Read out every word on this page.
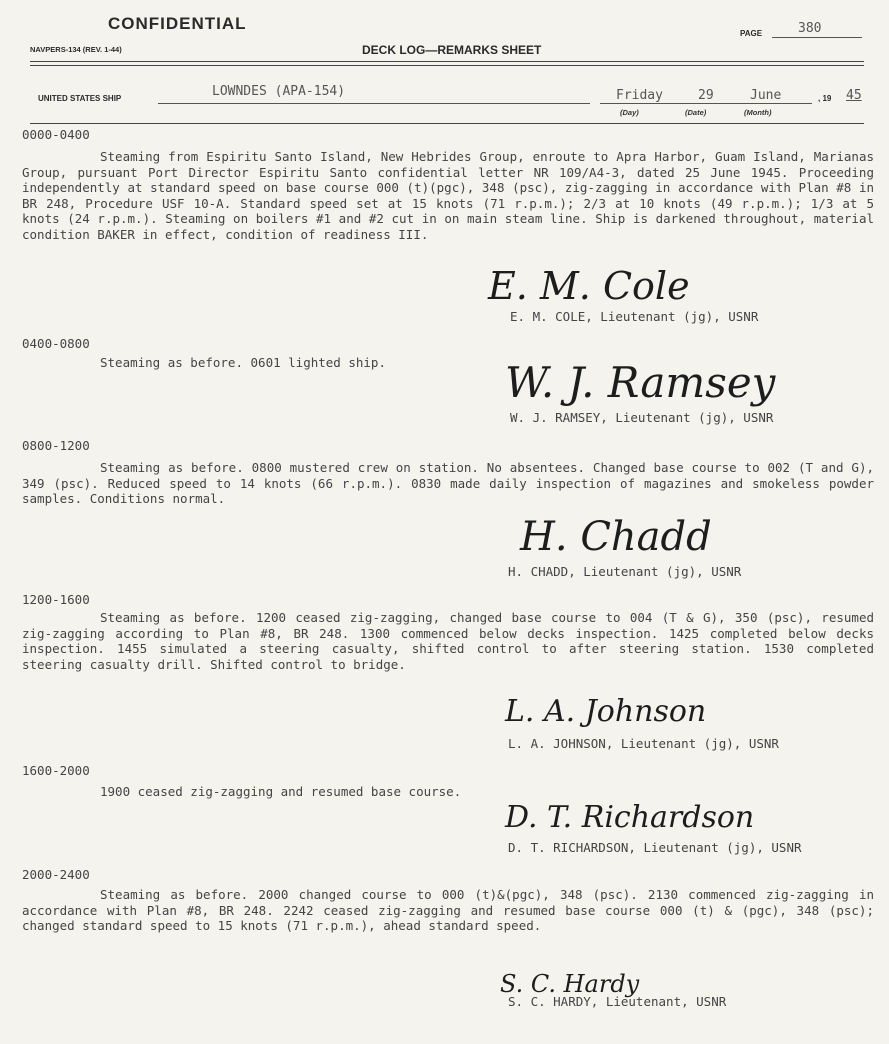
CONFIDENTIAL
NAVPERS-134 (REV. 1-44)	DECK LOG—REMARKS SHEET
PAGE	380
UNITED STATES SHIP	LOWNDES (APA-154)	Friday	29	June
(Day)	(Date)	(Month)
, 19 45
0000-0400
Steaming from Espiritu Santo Island, New Hebrides Group, enroute to Apra Harbor, Guam Island, Marianas Group, pursuant Port Director Espiritu Santo confidential letter NR 109/A4-3, dated 25 June 1945. Proceeding independently at standard speed on base course 000 (t)(pgc), 348 (psc), zig-zagging in accordance with Plan #8 in BR 248, Procedure USF 10-A. Standard speed set at 15 knots (71 r.p.m.); 2/3 at 10 knots (49 r.p.m.); 1/3 at 5 knots (24 r.p.m.). Steaming on boilers #1 and #2 cut in on main steam line. Ship is darkened throughout, material condition BAKER in effect, condition of readiness III.
E. M. Cole
E. M. COLE, Lieutenant (jg), USNR
0400-0800
Steaming as before. 0601 lighted ship.	W. J. Ramsey
W. J. RAMSEY, Lieutenant (jg), USNR
0800-1200
Steaming as before. 0800 mustered crew on station. No absentees. Changed base course to 002 (T and G), 349 (psc). Reduced speed to 14 knots (66 r.p.m.). 0830 made daily inspection of magazines and smokeless powder samples. Conditions normal.
H. Chadd
H. CHADD, Lieutenant (jg), USNR
1200-1600
Steaming as before. 1200 ceased zig-zagging, changed base course to 004 (T & G), 350 (psc), resumed zig-zagging according to Plan #8, BR 248. 1300 commenced below decks inspection. 1425 completed below decks inspection. 1455 simulated a steering casualty, shifted control to after steering station. 1530 completed steering casualty drill. Shifted control to bridge.
L. A. Johnson
L. A. JOHNSON, Lieutenant (jg), USNR
1600-2000
1900 ceased zig-zagging and resumed base course.
D. T. Richardson
D. T. RICHARDSON, Lieutenant (jg), USNR
2000-2400
Steaming as before. 2000 changed course to 000 (t)&(pgc), 348 (psc). 2130 commenced zig-zagging in accordance with Plan #8, BR 248. 2242 ceased zig-zagging and resumed base course 000 (t) & (pgc), 348 (psc); changed standard speed to 15 knots (71 r.p.m.), ahead standard speed.
S. C. Hardy
S. C. HARDY, Lieutenant, USNR
